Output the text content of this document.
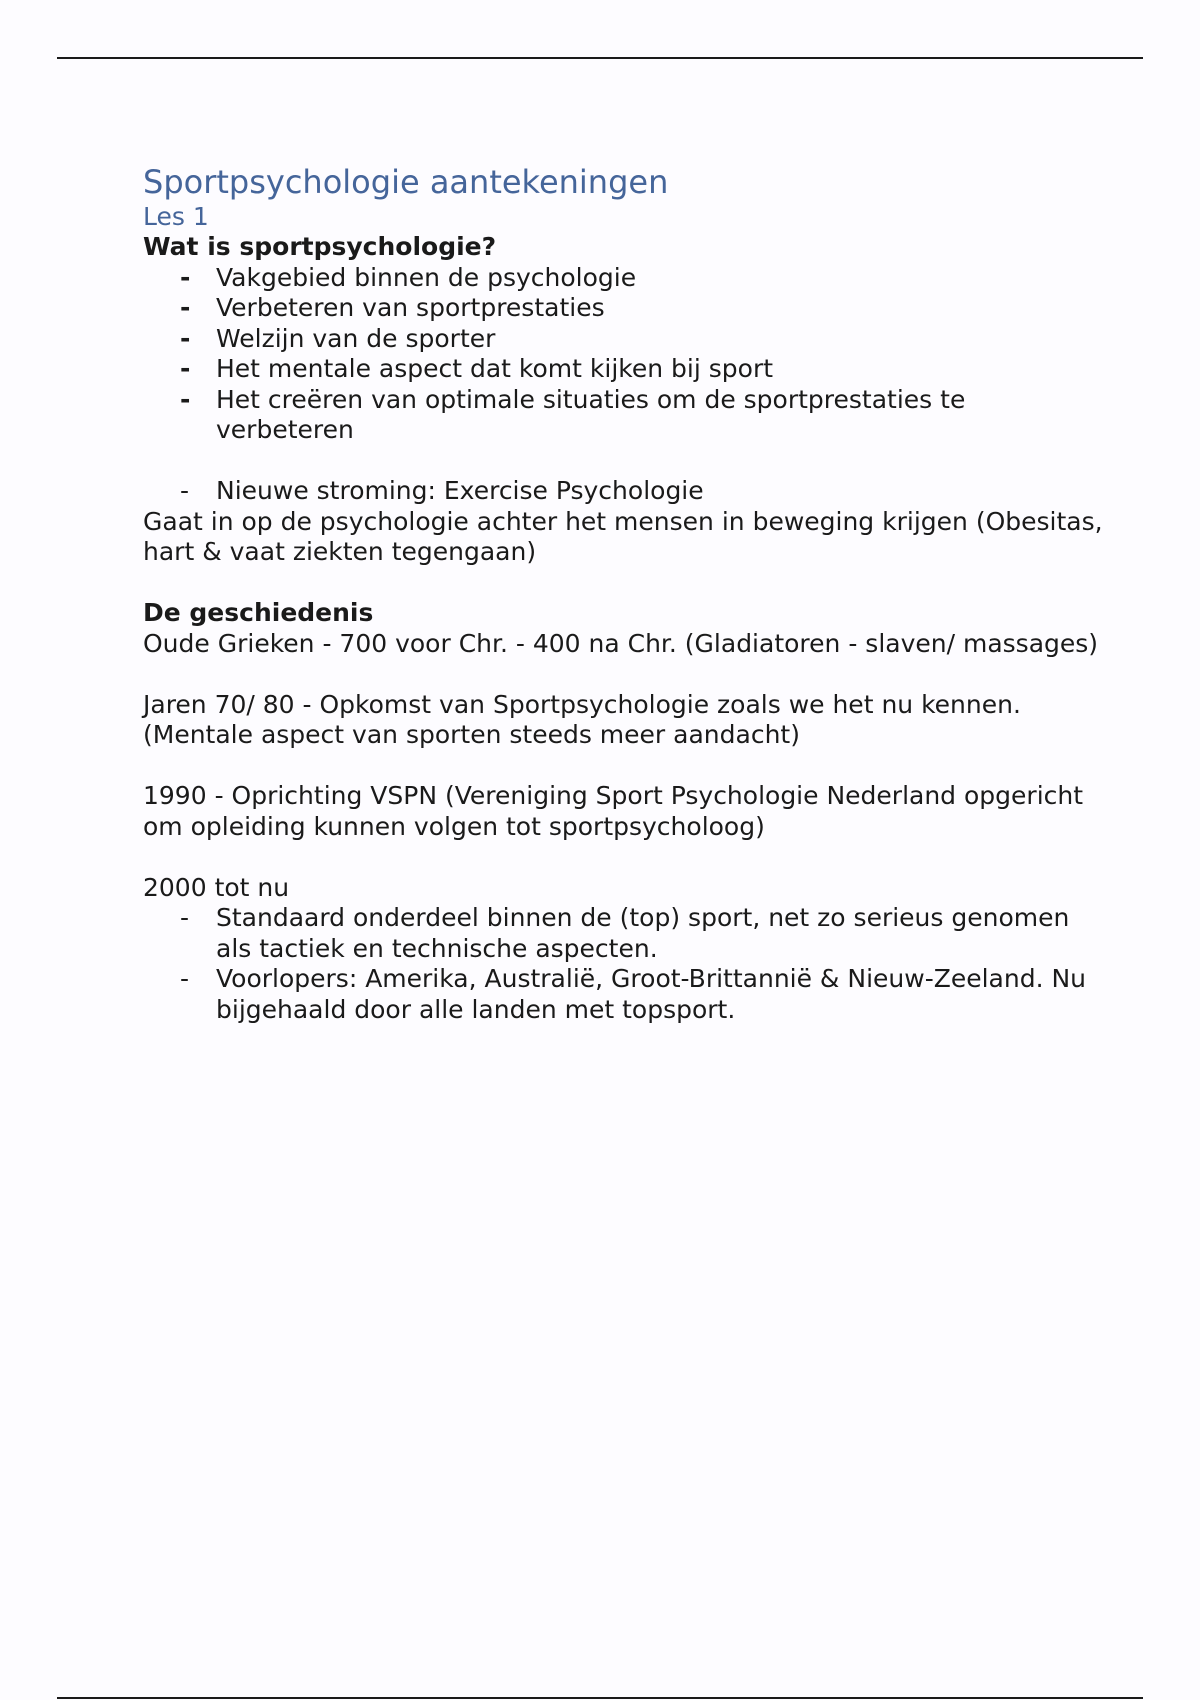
Sportpsychologie aantekeningen
Les 1

Wat is sportpsychologie?

- Vakgebied binnen de psychologie
- Verbeteren van sportprestaties
- Welzijn van de sporter
- Het mentale aspect dat komt kijken bij sport
- Het creëren van optimale situaties om de sportprestaties te verbeteren
- Nieuwe stroming: Exercise Psychologie

Gaat in op de psychologie achter het mensen in beweging krijgen (Obesitas, hart & vaat ziekten tegengaan)

De geschiedenis

Oude Grieken - 700 voor Chr. - 400 na Chr. (Gladiatoren - slaven/ massages)

Jaren 70/ 80 - Opkomst van Sportpsychologie zoals we het nu kennen. (Mentale aspect van sporten steeds meer aandacht)

1990 - Oprichting VSPN (Vereniging Sport Psychologie Nederland opgericht om opleiding kunnen volgen tot sportpsycholoog)

2000 tot nu

- Standaard onderdeel binnen de (top) sport, net zo serieus genomen als tactiek en technische aspecten.
- Voorlopers: Amerika, Australië, Groot-Brittannië & Nieuw-Zeeland. Nu bijgehaald door alle landen met topsport.
